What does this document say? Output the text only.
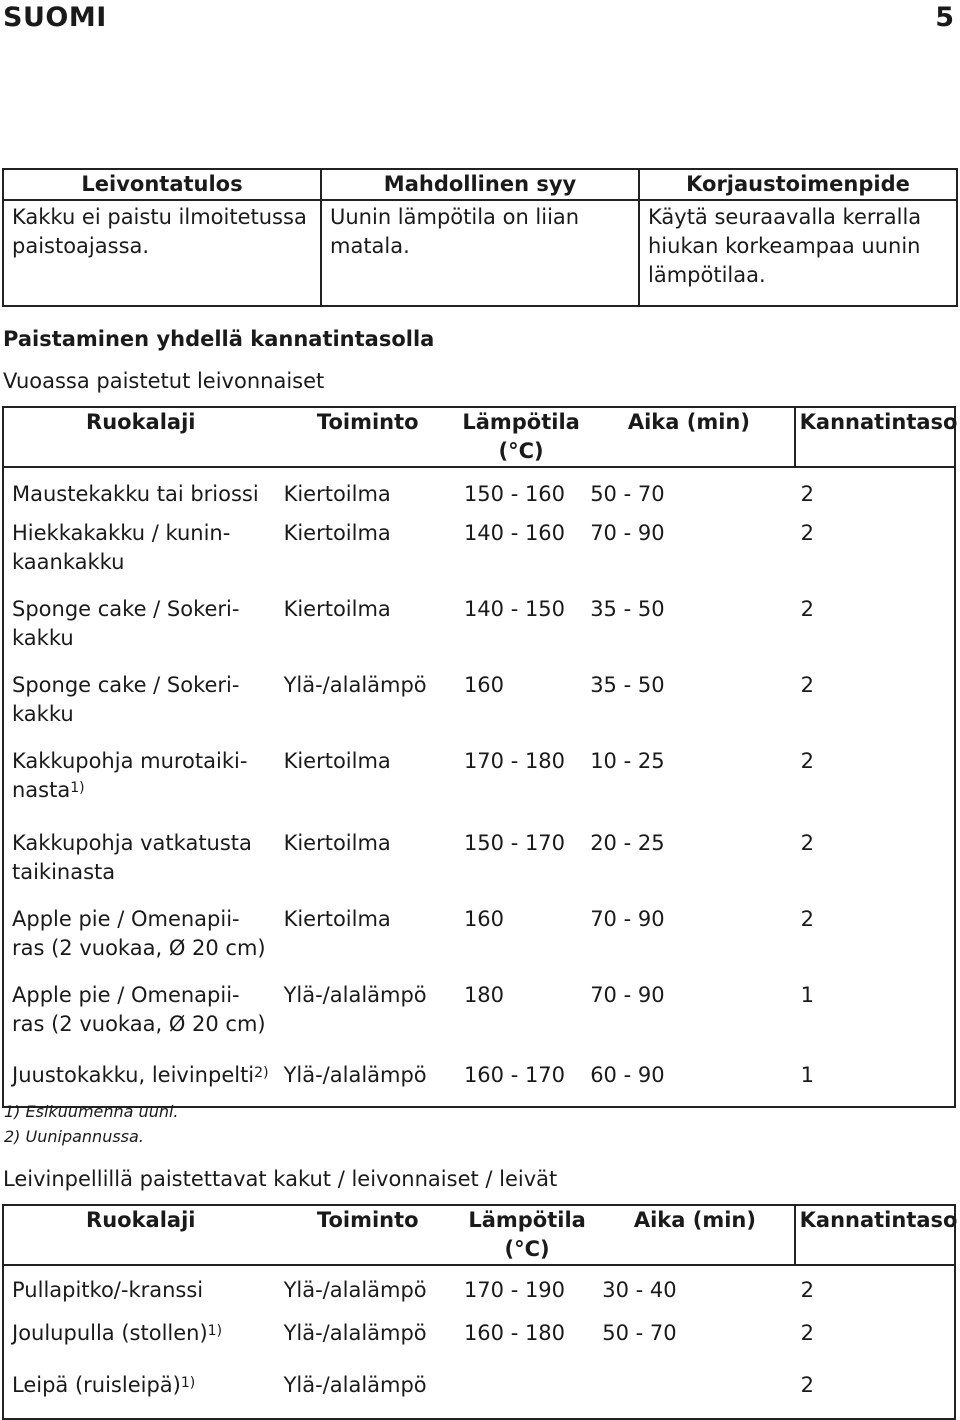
SUOMI	5
Leivontatulos	Mahdollinen syy	Korjaustoimenpide
Kakku ei paistu ilmoitetussa paistoajassa.	Uunin lämpötila on liian matala.	Käytä seuraavalla kerralla hiukan korkeampaa uunin lämpötilaa.
Paistaminen yhdellä kannatintasolla
Vuoassa paistetut leivonnaiset
Ruokalaji	Toiminto	Lämpötila (°C)	Aika (min)	Kannatintaso
Maustekakku tai briossi	Kiertoilma	150 - 160	50 - 70	2
Hiekkakakku / kunin-kaankakku	Kiertoilma	140 - 160	70 - 90	2
Sponge cake / Sokeri-kakku	Kiertoilma	140 - 150	35 - 50	2
Sponge cake / Sokeri-kakku	Ylä-/alalämpö	160	35 - 50	2
Kakkupohja murotaiki-nasta$^{1)}$	Kiertoilma	170 - 180	10 - 25	2
Kakkupohja vatkatusta taikinasta	Kiertoilma	150 - 170	20 - 25	2
Apple pie / Omenapii-ras (2 vuokaa, Ø 20 cm)	Kiertoilma	160	70 - 90	2
Apple pie / Omenapii-ras (2 vuokaa, Ø 20 cm)	Ylä-/alalämpö	180	70 - 90	1
Juustokakku, leivinpelti$^{2)}$	Ylä-/alalämpö	160 - 170	60 - 90	1
1) Esikuumenna uuni.
2) Uunipannussa.
Leivinpellillä paistettavat kakut / leivonnaiset / leivät
Ruokalaji	Toiminto	Lämpötila (°C)	Aika (min)	Kannatintaso
Pullapitko/-kranssi	Ylä-/alalämpö	170 - 190	30 - 40	2
Joulupulla (stollen)$^{1)}$	Ylä-/alalämpö	160 - 180	50 - 70	2
Leipä (ruisleipä)$^{1)}$	Ylä-/alalämpö			2
